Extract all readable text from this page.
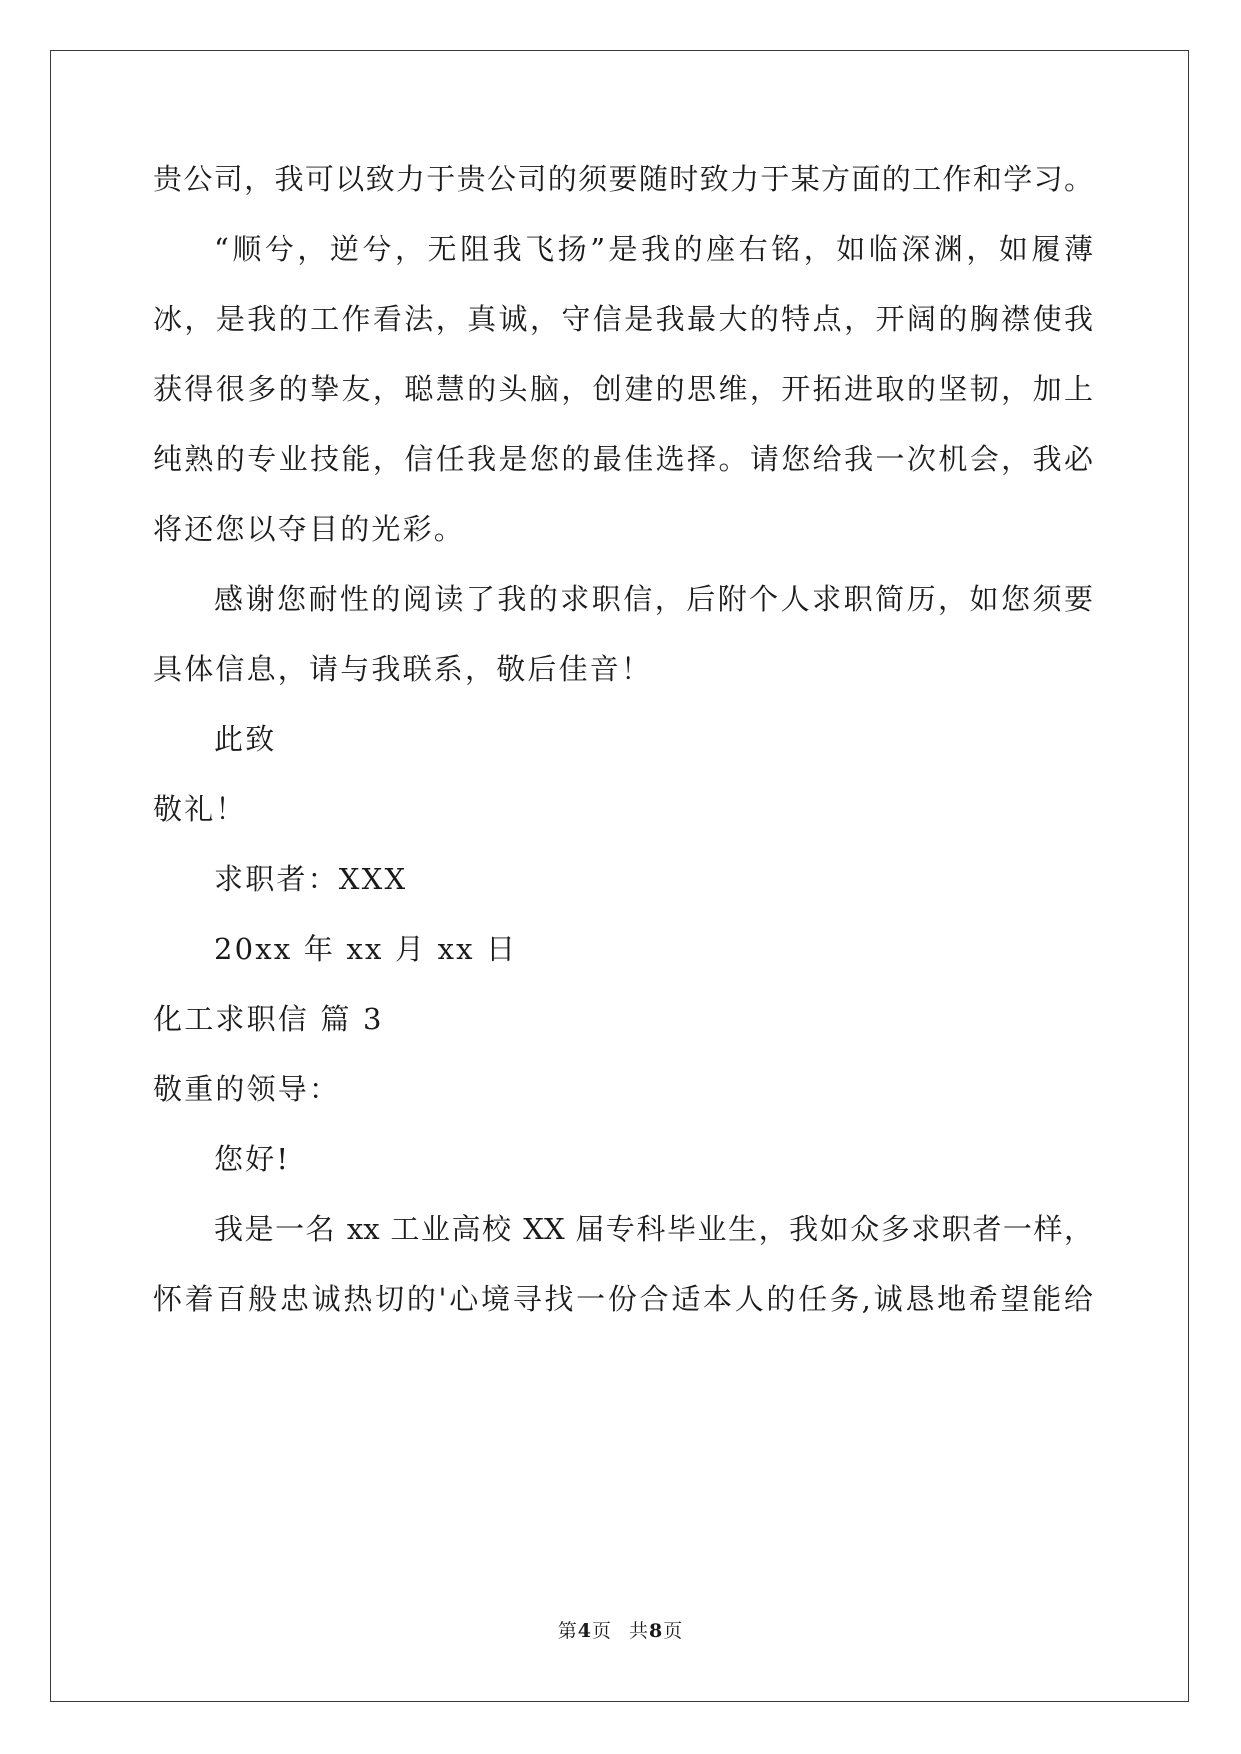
贵公司，我可以致力于贵公司的须要随时致力于某方面的工作和学习。
“顺兮，逆兮，无阻我飞扬”是我的座右铭，如临深渊，如履薄
冰，是我的工作看法，真诚，守信是我最大的特点，开阔的胸襟使我
获得很多的挚友，聪慧的头脑，创建的思维，开拓进取的坚韧，加上
纯熟的专业技能，信任我是您的最佳选择。请您给我一次机会，我必
将还您以夺目的光彩。
感谢您耐性的阅读了我的求职信，后附个人求职简历，如您须要
具体信息，请与我联系，敬后佳音！
此致
敬礼！
求职者：XXX
20xx 年 xx 月 xx 日
化工求职信 篇 3
敬重的领导：
您好!
我是一名 xx 工业高校 XX 届专科毕业生，我如众多求职者一样，
怀着百般忠诚热切的'心境寻找一份合适本人的任务,诚恳地希望能给
第4页 共8页
